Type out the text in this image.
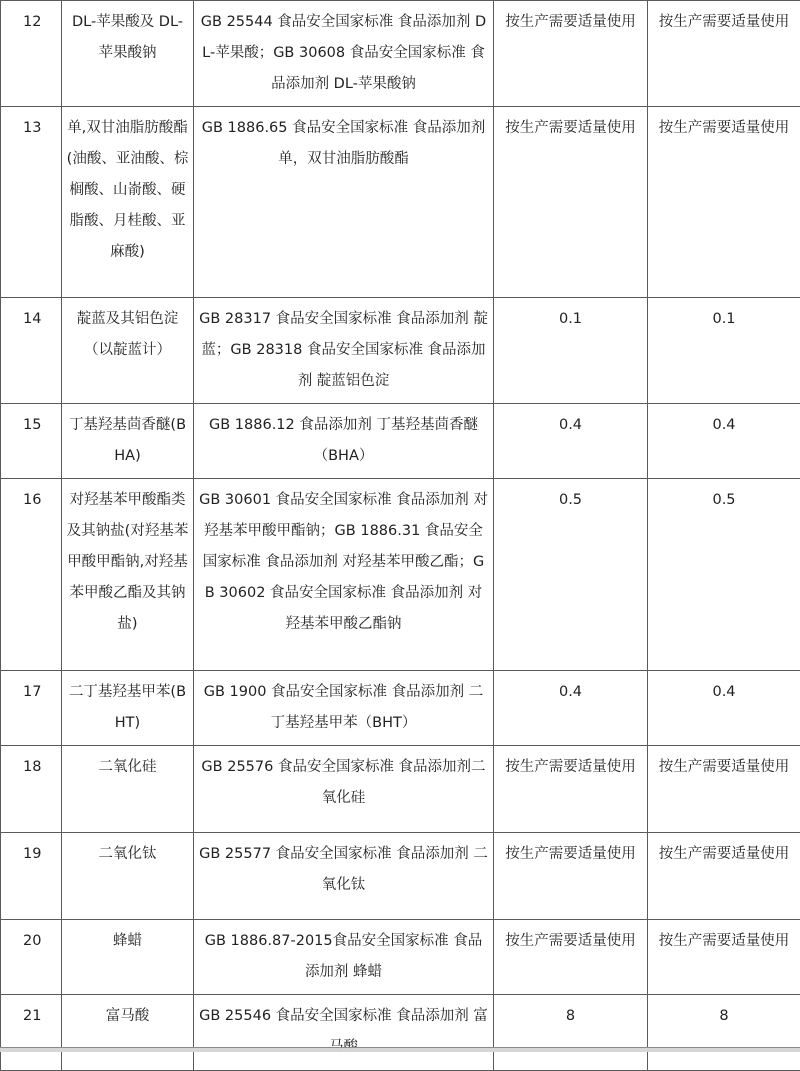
12	DL-苹果酸及 DL-苹果酸钠	GB 25544 食品安全国家标准 食品添加剂 DL-苹果酸；GB 30608 食品安全国家标准 食品添加剂 DL-苹果酸钠	按生产需要适量使用	按生产需要适量使用
13	单,双甘油脂肪酸酯(油酸、亚油酸、棕榈酸、山嵛酸、硬脂酸、月桂酸、亚麻酸)	GB 1886.65 食品安全国家标准 食品添加剂 单，双甘油脂肪酸酯	按生产需要适量使用	按生产需要适量使用
14	靛蓝及其铝色淀（以靛蓝计）	GB 28317 食品安全国家标准 食品添加剂 靛蓝；GB 28318 食品安全国家标准 食品添加剂 靛蓝铝色淀	0.1	0.1
15	丁基羟基茴香醚(BHA)	GB 1886.12 食品添加剂 丁基羟基茴香醚（BHA）	0.4	0.4
16	对羟基苯甲酸酯类及其钠盐(对羟基苯甲酸甲酯钠,对羟基苯甲酸乙酯及其钠盐)	GB 30601 食品安全国家标准 食品添加剂 对羟基苯甲酸甲酯钠；GB 1886.31 食品安全国家标准 食品添加剂 对羟基苯甲酸乙酯；GB 30602 食品安全国家标准 食品添加剂 对羟基苯甲酸乙酯钠	0.5	0.5
17	二丁基羟基甲苯(BHT)	GB 1900 食品安全国家标准 食品添加剂 二丁基羟基甲苯（BHT）	0.4	0.4
18	二氧化硅	GB 25576 食品安全国家标准 食品添加剂二氧化硅	按生产需要适量使用	按生产需要适量使用
19	二氧化钛	GB 25577 食品安全国家标准 食品添加剂 二氧化钛	按生产需要适量使用	按生产需要适量使用
20	蜂蜡	GB 1886.87-2015食品安全国家标准 食品添加剂 蜂蜡	按生产需要适量使用	按生产需要适量使用
21	富马酸	GB 25546 食品安全国家标准 食品添加剂 富	8	8
